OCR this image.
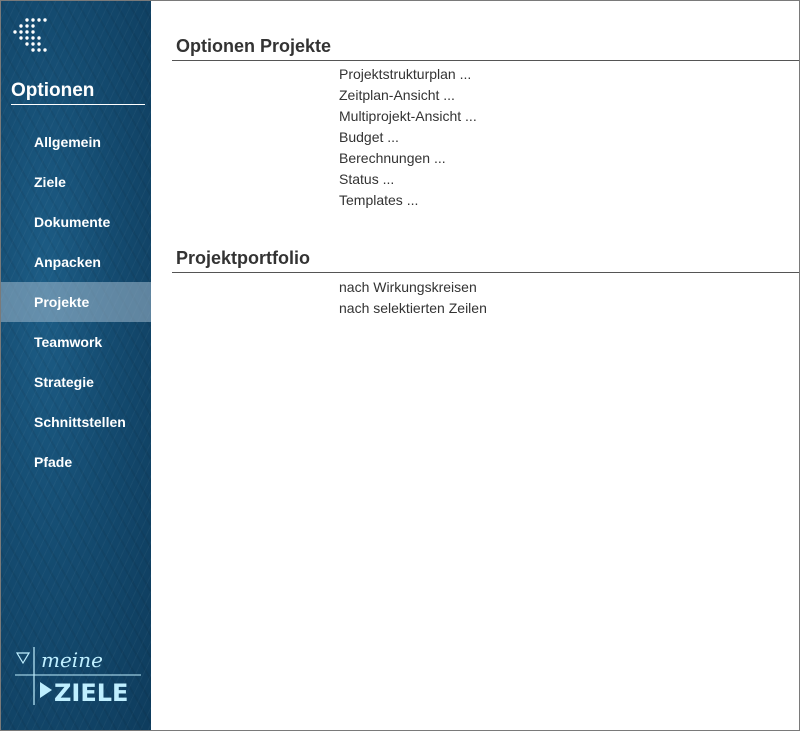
Optionen
Allgemein
Ziele
Dokumente
Anpacken
Projekte
Teamwork
Strategie
Schnittstellen
Pfade
meine
ZIELE
Optionen Projekte
Projektstrukturplan ...
Zeitplan-Ansicht ...
Multiprojekt-Ansicht ...
Budget ...
Berechnungen ...
Status ...
Templates ...
Projektportfolio
nach Wirkungskreisen
nach selektierten Zeilen
